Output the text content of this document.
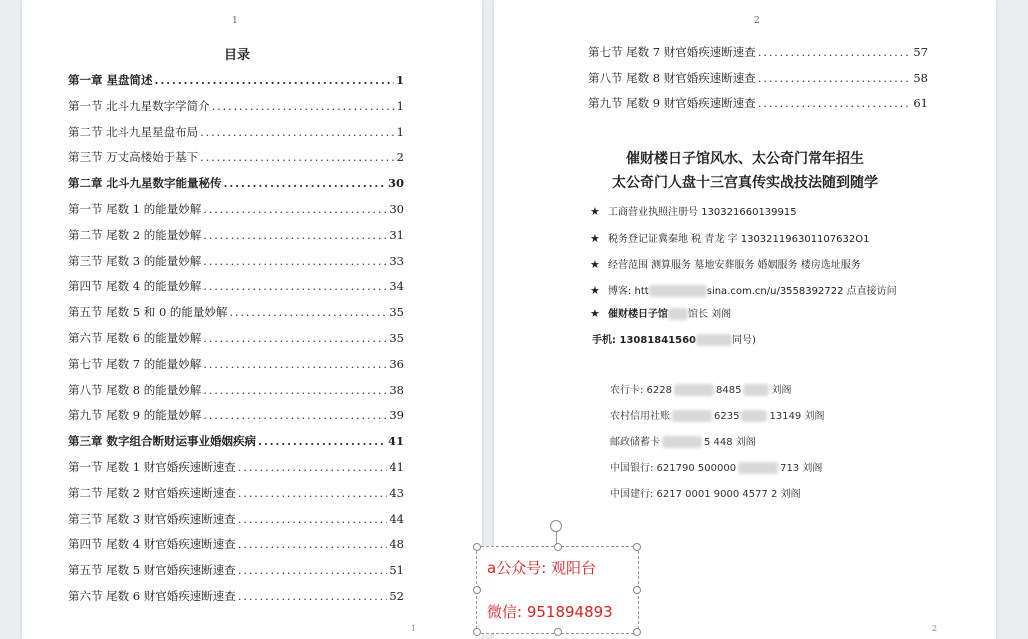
1
目录
第一章 星盘简述 .....	1
第一节 北斗九星数字学简介 .....	1
第二节 北斗九星星盘布局 .....	1
第三节 万丈高楼始于基下 .....	2
第二章 北斗九星数字能量秘传 .....	30
第一节 尾数 1 的能量妙解 .....	30
第二节 尾数 2 的能量妙解 .....	31
第三节 尾数 3 的能量妙解 .....	33
第四节 尾数 4 的能量妙解 .....	34
第五节 尾数 5 和 0 的能量妙解 .....	35
第六节 尾数 6 的能量妙解 .....	35
第七节 尾数 7 的能量妙解 .....	36
第八节 尾数 8 的能量妙解 .....	38
第九节 尾数 9 的能量妙解 .....	39
第三章 数字组合断财运事业婚姻疾病 .....	41
第一节 尾数 1 财官婚疾速断速查 .....	41
第二节 尾数 2 财官婚疾速断速查 .....	43
第三节 尾数 3 财官婚疾速断速查 .....	44
第四节 尾数 4 财官婚疾速断速查 .....	48
第五节 尾数 5 财官婚疾速断速查 .....	51
第六节 尾数 6 财官婚疾速断速查 .....	52
1
2
第七节 尾数 7 财官婚疾速断速查 .....	57
第八节 尾数 8 财官婚疾速断速查 .....	58
第九节 尾数 9 财官婚疾速断速查 .....	61
催财楼日子馆风水、太公奇门常年招生
太公奇门人盘十三宫真传实战技法随到随学
★ 工商营业执照注册号 130321660139915
★ 税务登记证冀秦地 税 青龙 字 130321196301107632O1
★ 经营范围 测算服务 墓地安葬服务 婚姻服务 楼房选址服务
★ 博客: htt	sina.com.cn/u/3558392722 点直接访问
★ 催财楼日子馆 馆长 刘阁
手机: 13081841560	同号)
农行卡: 6228	8485	刘阁
农村信用社账	6235	13149 刘阁
邮政储蓄卡	5 448 刘阁
中国银行: 621790 500000	713 刘阁
中国建行: 6217 0001 9000 4577 2 刘阁
2
a公众号: 观阳台
微信: 951894893
